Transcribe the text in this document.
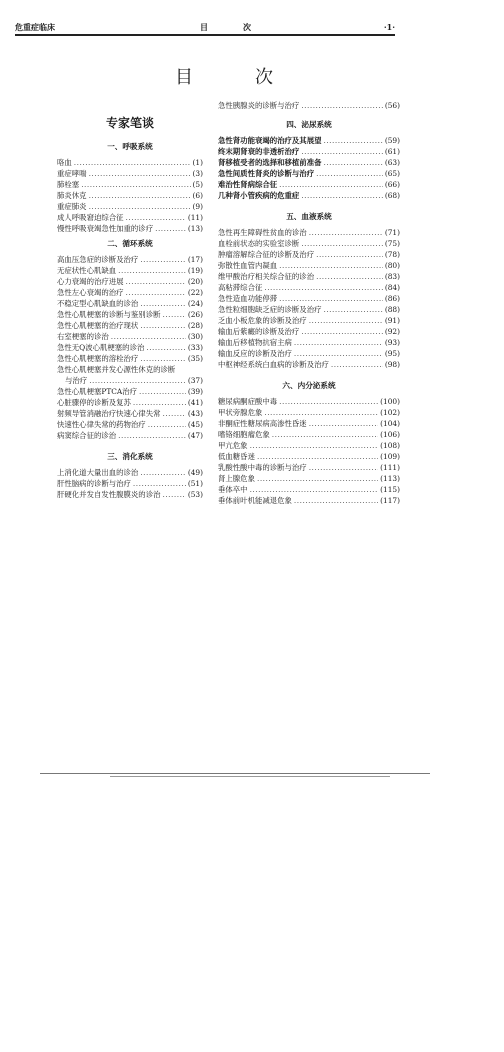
危重症临床	目	次	·1·
目	次
专家笔谈
一、呼吸系统
咯血 .....	(1)
重症哮喘 .....	(3)
肺栓塞 .....	(5)
肺炎休克 .....	(6)
重症肺炎 .....	(9)
成人呼吸窘迫综合征 .....	(11)
慢性呼吸衰竭急性加重的诊疗 .....	(13)
二、循环系统
高血压急症的诊断及治疗 .....	(17)
无症状性心肌缺血 .....	(19)
心力衰竭的治疗进展 .....	(20)
急性左心衰竭的治疗 .....	(22)
不稳定型心肌缺血的诊治 .....	(24)
急性心肌梗塞的诊断与鉴别诊断 .....	(26)
急性心肌梗塞的治疗现状 .....	(28)
右室梗塞的诊治 .....	(30)
急性无Q波心肌梗塞的诊治 .....	(33)
急性心肌梗塞的溶栓治疗 .....	(35)
急性心肌梗塞并发心源性休克的诊断
与治疗 .....	(37)
急性心肌梗塞PTCA治疗 .....	(39)
心脏骤停的诊断及复苏 .....	(41)
射频导管消融治疗快速心律失常 .....	(43)
快速性心律失常的药物治疗 .....	(45)
病窦综合征的诊治 .....	(47)
三、消化系统
上消化道大量出血的诊治 .....	(49)
肝性脑病的诊断与治疗 .....	(51)
肝硬化并发自发性腹膜炎的诊治 .....	(53)
急性胰腺炎的诊断与治疗 .....	(56)
四、泌尿系统
急性肾功能衰竭的治疗及其展望 .....	(59)
终末期肾衰的非透析治疗 .....	(61)
肾移植受者的选择和移植前准备 .....	(63)
急性间质性肾炎的诊断与治疗 .....	(65)
难治性肾病综合征 .....	(66)
几种肾小管疾病的危重症 .....	(68)
五、血液系统
急性再生障碍性贫血的诊治 .....	(71)
血栓前状态的实验室诊断 .....	(75)
肿瘤溶解综合征的诊断及治疗 .....	(78)
弥散性血管内凝血 .....	(80)
维甲酸治疗相关综合征的诊治 .....	(83)
高粘滞综合征 .....	(84)
急性造血功能停滞 .....	(86)
急性粒细胞缺乏症的诊断及治疗 .....	(88)
乏血小板危象的诊断及治疗 .....	(91)
输血后紫癜的诊断及治疗 .....	(92)
输血后移植物抗宿主病 .....	(93)
输血反应的诊断及治疗 .....	(95)
中枢神经系统白血病的诊断及治疗 .....	(98)
六、内分泌系统
糖尿病酮症酸中毒 .....	(100)
甲状旁腺危象 .....	(102)
非酮症性糖尿病高渗性昏迷 .....	(104)
嗜铬细胞瘤危象 .....	(106)
甲亢危象 .....	(108)
低血糖昏迷 .....	(109)
乳酸性酸中毒的诊断与治疗 .....	(111)
肾上腺危象 .....	(113)
垂体卒中 .....	(115)
垂体前叶机能减退危象 .....	(117)
